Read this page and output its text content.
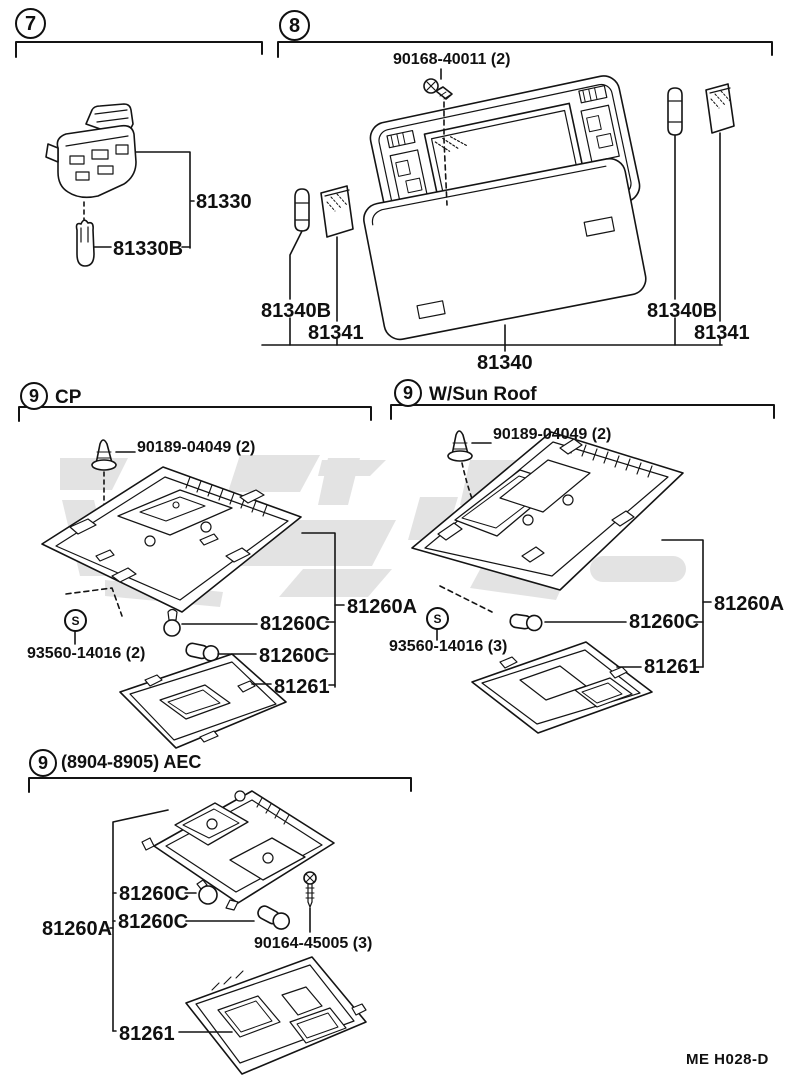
7	8
9	9
9
CP	W/Sun Roof
(8904-8905) AEC
81330
81330B
90168-40011 (2)
81340B
81341
81340B
81341
81340
90189-04049 (2)
S
93560-14016 (2)
81260A
81260C
81260C
81261
90189-04049 (2)
S
93560-14016 (3)
81260A
81260C
81261
81260C
81260C
81260A
90164-45005 (3)
81261
ME H028-D
